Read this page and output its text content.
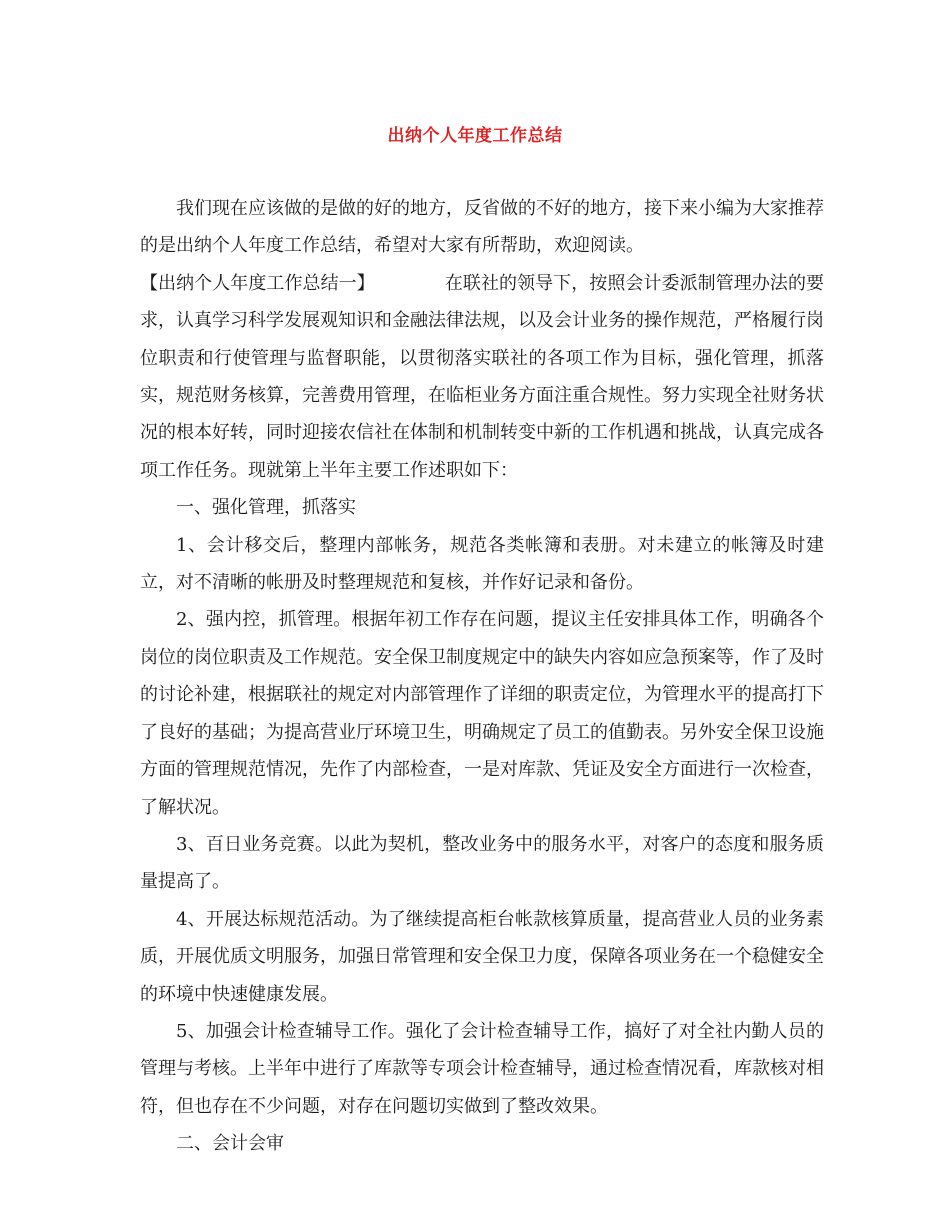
出纳个人年度工作总结

我们现在应该做的是做的好的地方，反省做的不好的地方，接下来小编为大家推荐的是出纳个人年度工作总结，希望对大家有所帮助，欢迎阅读。

【出纳个人年度工作总结一】	在联社的领导下，按照会计委派制管理办法的要求，认真学习科学发展观知识和金融法律法规，以及会计业务的操作规范，严格履行岗位职责和行使管理与监督职能，以贯彻落实联社的各项工作为目标，强化管理，抓落实，规范财务核算，完善费用管理，在临柜业务方面注重合规性。努力实现全社财务状况的根本好转，同时迎接农信社在体制和机制转变中新的工作机遇和挑战，认真完成各项工作任务。现就第上半年主要工作述职如下：

一、强化管理，抓落实

1、会计移交后，整理内部帐务，规范各类帐簿和表册。对未建立的帐簿及时建立，对不清晰的帐册及时整理规范和复核，并作好记录和备份。

2、强内控，抓管理。根据年初工作存在问题，提议主任安排具体工作，明确各个岗位的岗位职责及工作规范。安全保卫制度规定中的缺失内容如应急预案等，作了及时的讨论补建，根据联社的规定对内部管理作了详细的职责定位，为管理水平的提高打下了良好的基础；为提高营业厅环境卫生，明确规定了员工的值勤表。另外安全保卫设施方面的管理规范情况，先作了内部检查，一是对库款、凭证及安全方面进行一次检查，了解状况。

3、百日业务竞赛。以此为契机，整改业务中的服务水平，对客户的态度和服务质量提高了。

4、开展达标规范活动。为了继续提高柜台帐款核算质量，提高营业人员的业务素质，开展优质文明服务，加强日常管理和安全保卫力度，保障各项业务在一个稳健安全的环境中快速健康发展。

5、加强会计检查辅导工作。强化了会计检查辅导工作，搞好了对全社内勤人员的管理与考核。上半年中进行了库款等专项会计检查辅导，通过检查情况看，库款核对相符，但也存在不少问题，对存在问题切实做到了整改效果。

二、会计会审
